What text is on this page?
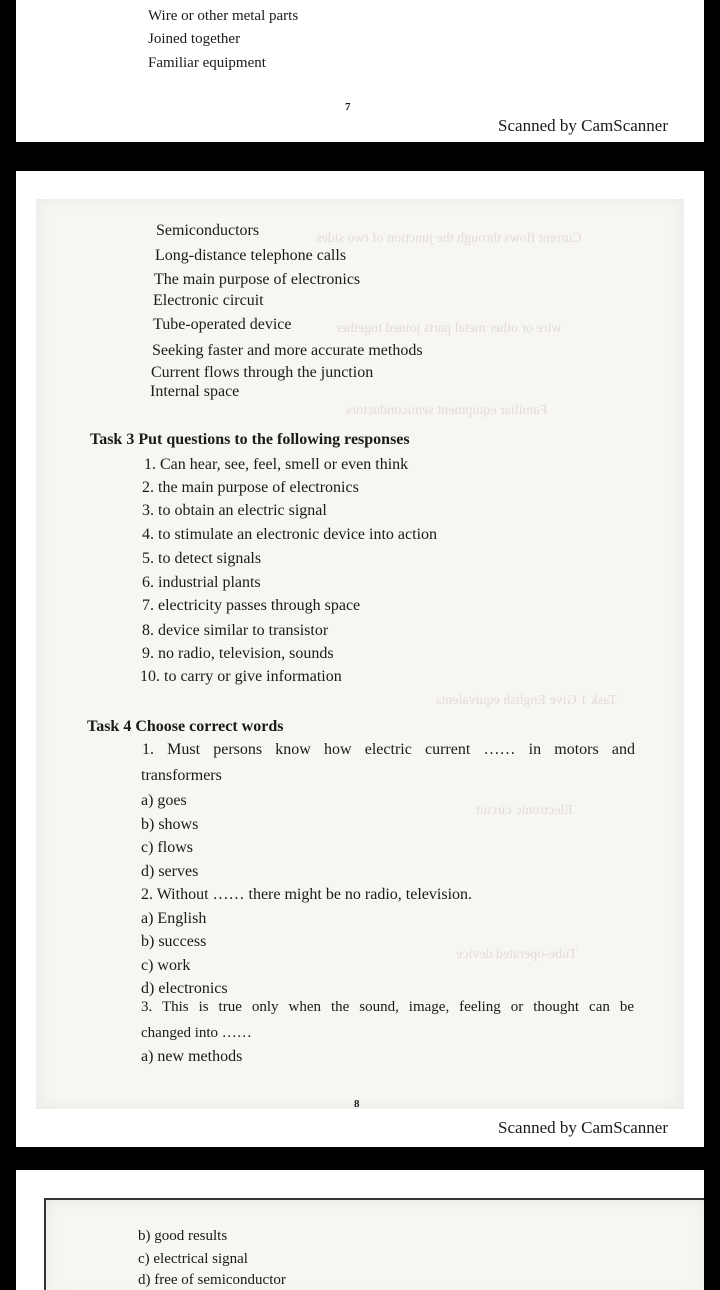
Wire or other metal parts
Joined together
Familiar equipment
7
Scanned by CamScanner
Current flows through the junction of two sides
wire or other metal parts joined together
Familiar equipment semiconductors
Task 1 Give English equivalents
Electronic circuit
Tube-operated device
Semiconductors
Long-distance telephone calls
The main purpose of electronics
Electronic circuit
Tube-operated device
Seeking faster and more accurate methods
Current flows through the junction
Internal space
Task 3 Put questions to the following responses
1. Can hear, see, feel, smell or even think
2. the main purpose of electronics
3. to obtain an electric signal
4. to stimulate an electronic device into action
5. to detect signals
6. industrial plants
7. electricity passes through space
8. device similar to transistor
9. no radio, television, sounds
10. to carry or give information
Task 4 Choose correct words
1. Must persons know how electric current …… in motors and
transformers
a) goes
b) shows
c) flows
d) serves
2. Without …… there might be no radio, television.
a) English
b) success
c) work
d) electronics
3. This is true only when the sound, image, feeling or thought can be
changed into ……
a) new methods
8
Scanned by CamScanner
b) good results
c) electrical signal
d) free of semiconductor
